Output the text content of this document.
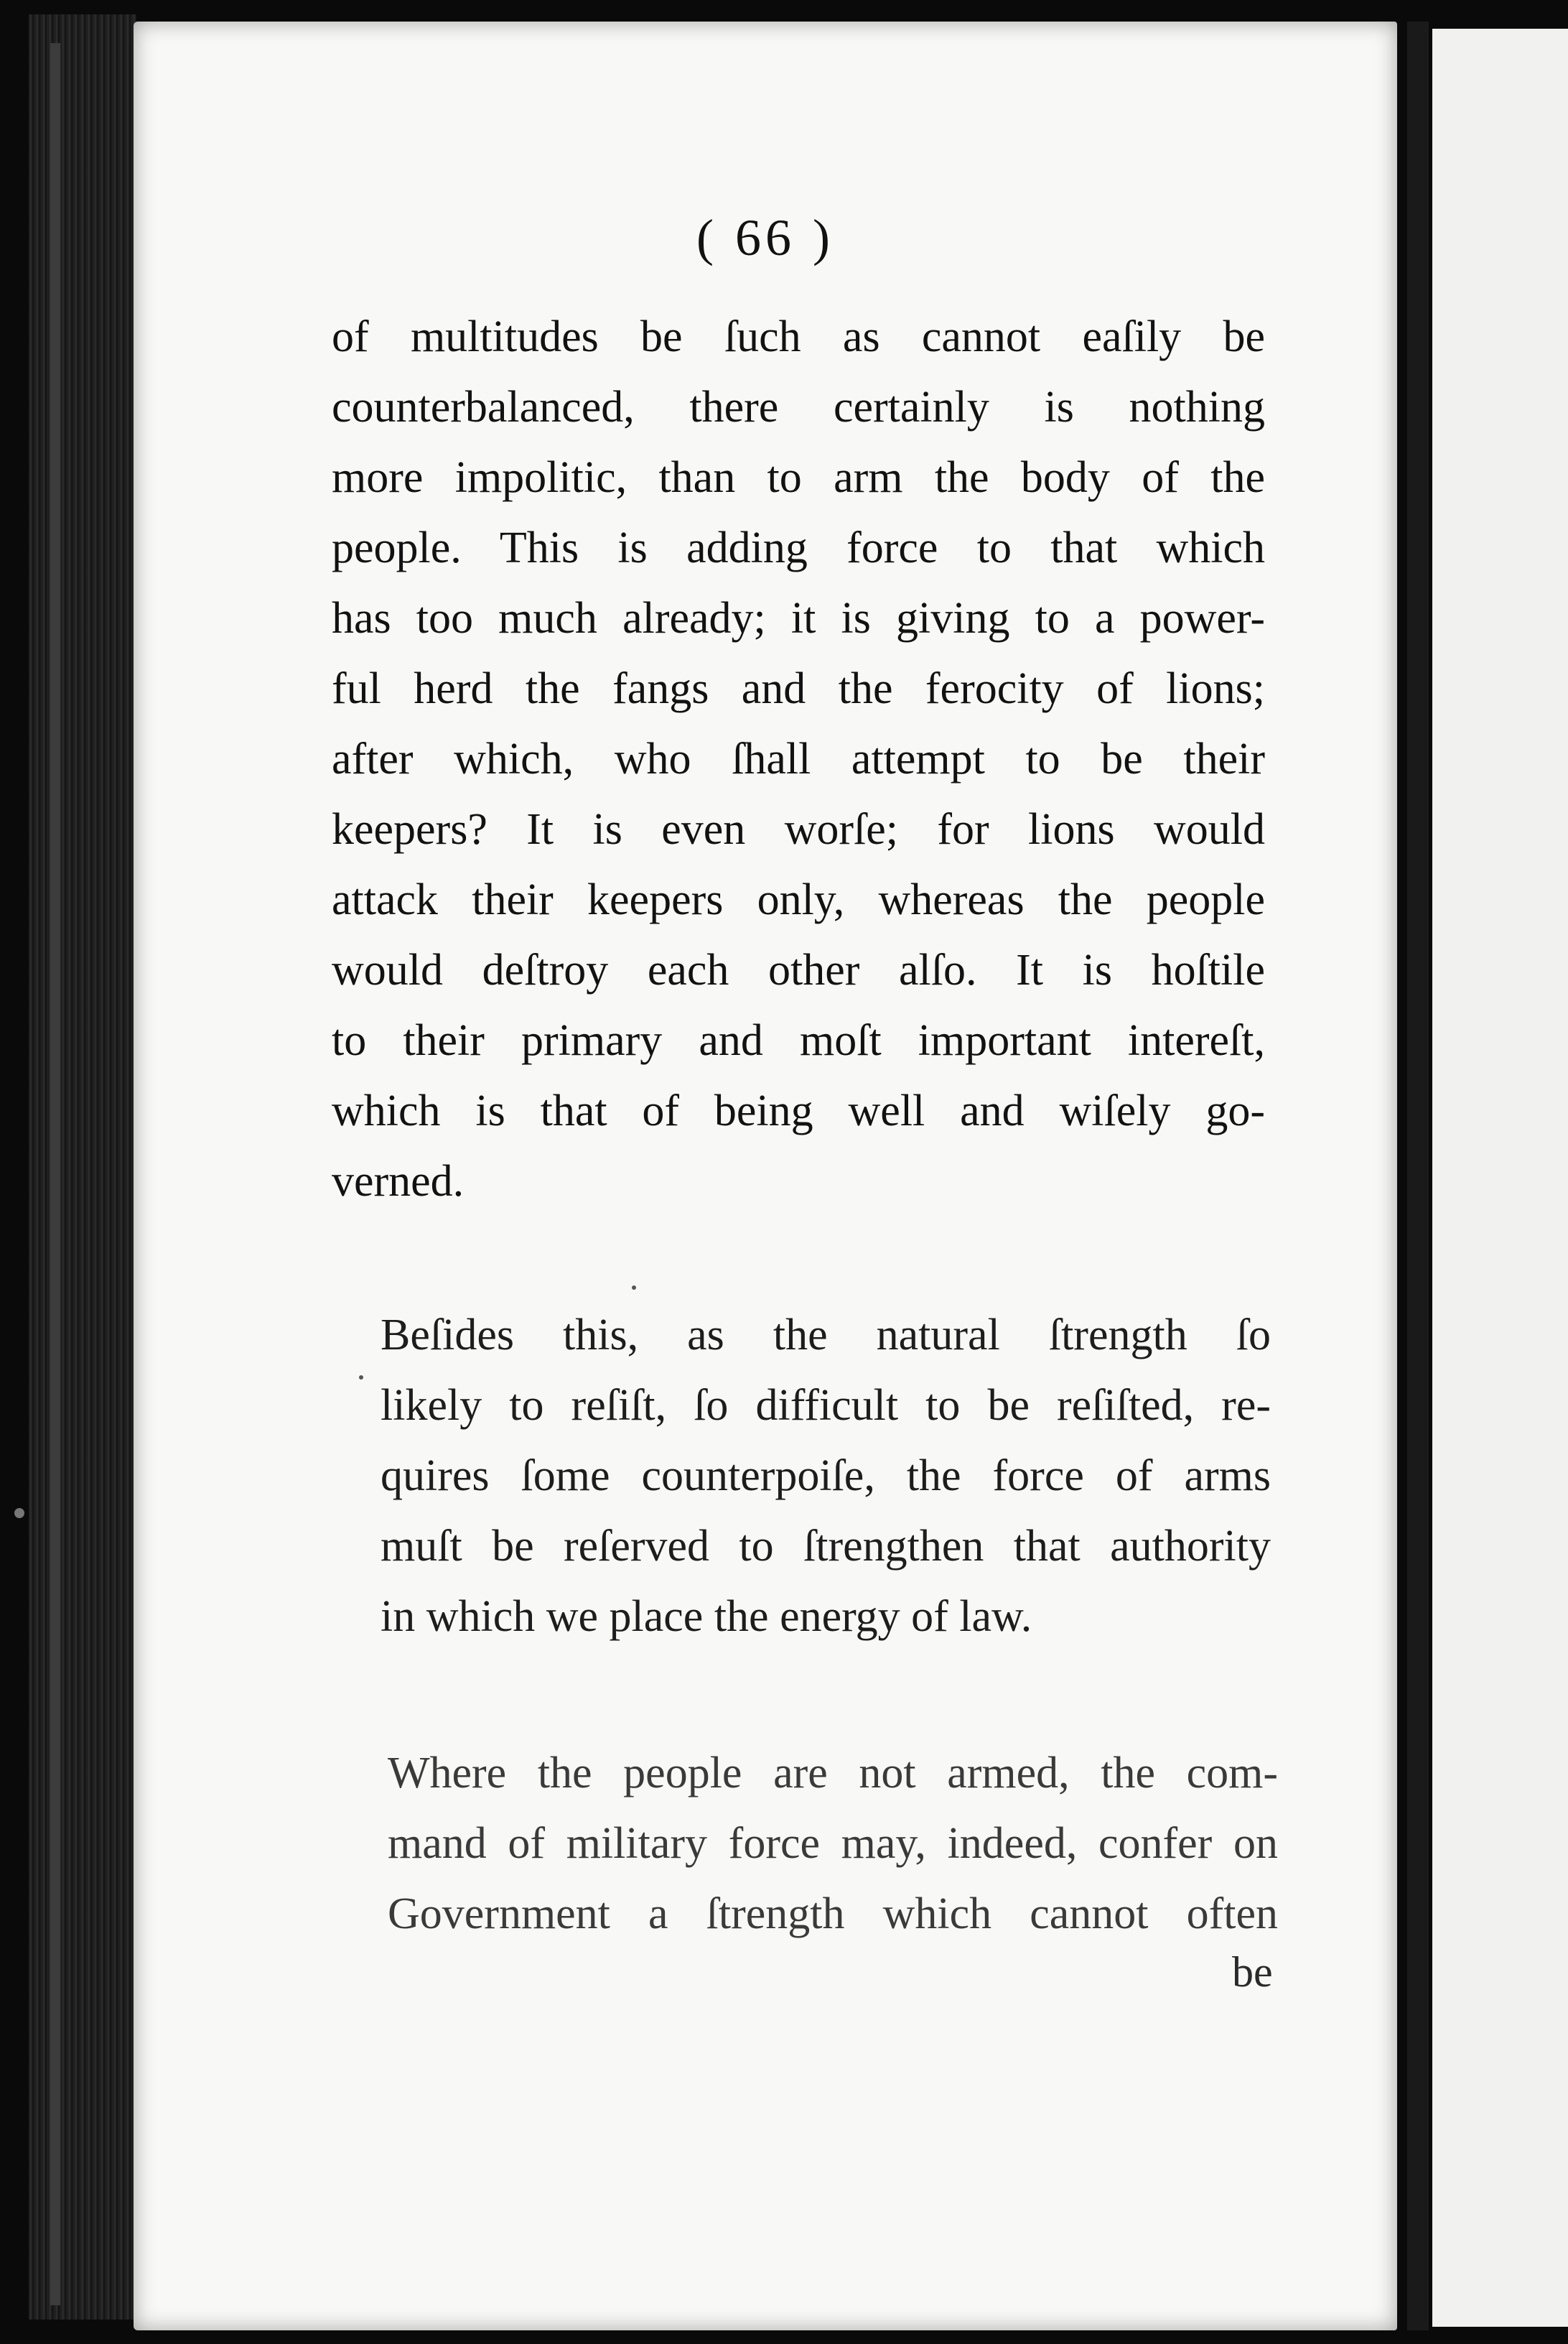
( 66 )
of multitudes be ſuch as cannot eaſily be
counterbalanced, there certainly is nothing
more impolitic, than to arm the body of the
people. This is adding force to that which
has too much already; it is giving to a power-
ful herd the fangs and the ferocity of lions;
after which, who ſhall attempt to be their
keepers? It is even worſe; for lions would
attack their keepers only, whereas the people
would deſtroy each other alſo. It is hoſtile
to their primary and moſt important intereſt,
which is that of being well and wiſely go-
verned.
Beſides this, as the natural ſtrength ſo
likely to reſiſt, ſo difficult to be reſiſted, re-
quires ſome counterpoiſe, the force of arms
muſt be reſerved to ſtrengthen that authority
in which we place the energy of law.
Where the people are not armed, the com-
mand of military force may, indeed, confer on
Government a ſtrength which cannot often
be
